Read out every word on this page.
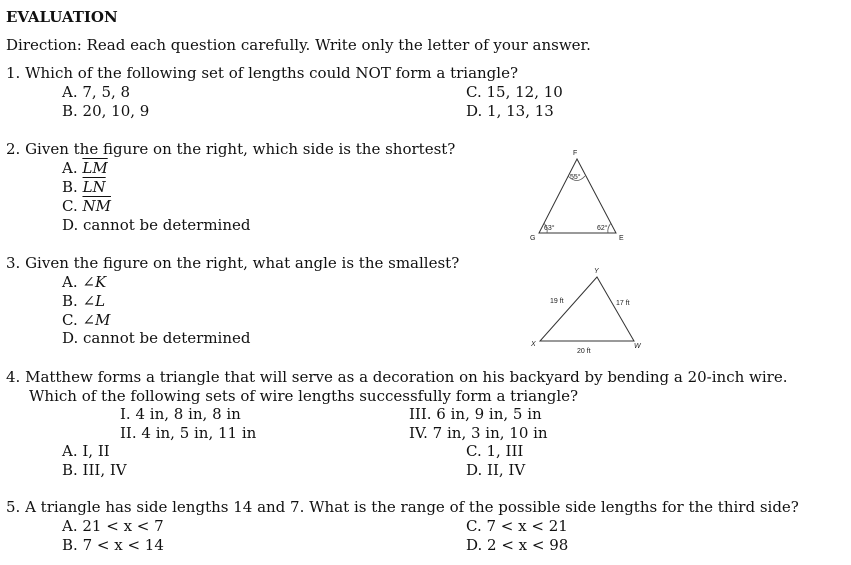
EVALUATION
Direction: Read each question carefully. Write only the letter of your answer.
1. Which of the following set of lengths could NOT form a triangle?
A. 7, 5, 8
B. 20, 10, 9
C. 15, 12, 10
D. 1, 13, 13
2. Given the figure on the right, which side is the shortest?
A. $\overline{LM}$
B. $\overline{LN}$
C. $\overline{NM}$
D. cannot be determined
3. Given the figure on the right, what angle is the smallest?
A. ∠K
B. ∠L
C. ∠M
D. cannot be determined
4. Matthew forms a triangle that will serve as a decoration on his backyard by bending a 20-inch wire.
Which of the following sets of wire lengths successfully form a triangle?
I. 4 in, 8 in, 8 in
II. 4 in, 5 in, 11 in
III. 6 in, 9 in, 5 in
IV. 7 in, 3 in, 10 in
A. I, II
B. III, IV
C. 1, III
D. II, IV
5. A triangle has side lengths 14 and 7. What is the range of the possible side lengths for the third side?
A. 21 < x < 7
B. 7 < x < 14
C. 7 < x < 21
D. 2 < x < 98
F
G	E
55°
63°	62°
Y
X	W
19 ft	17 ft
20 ft
